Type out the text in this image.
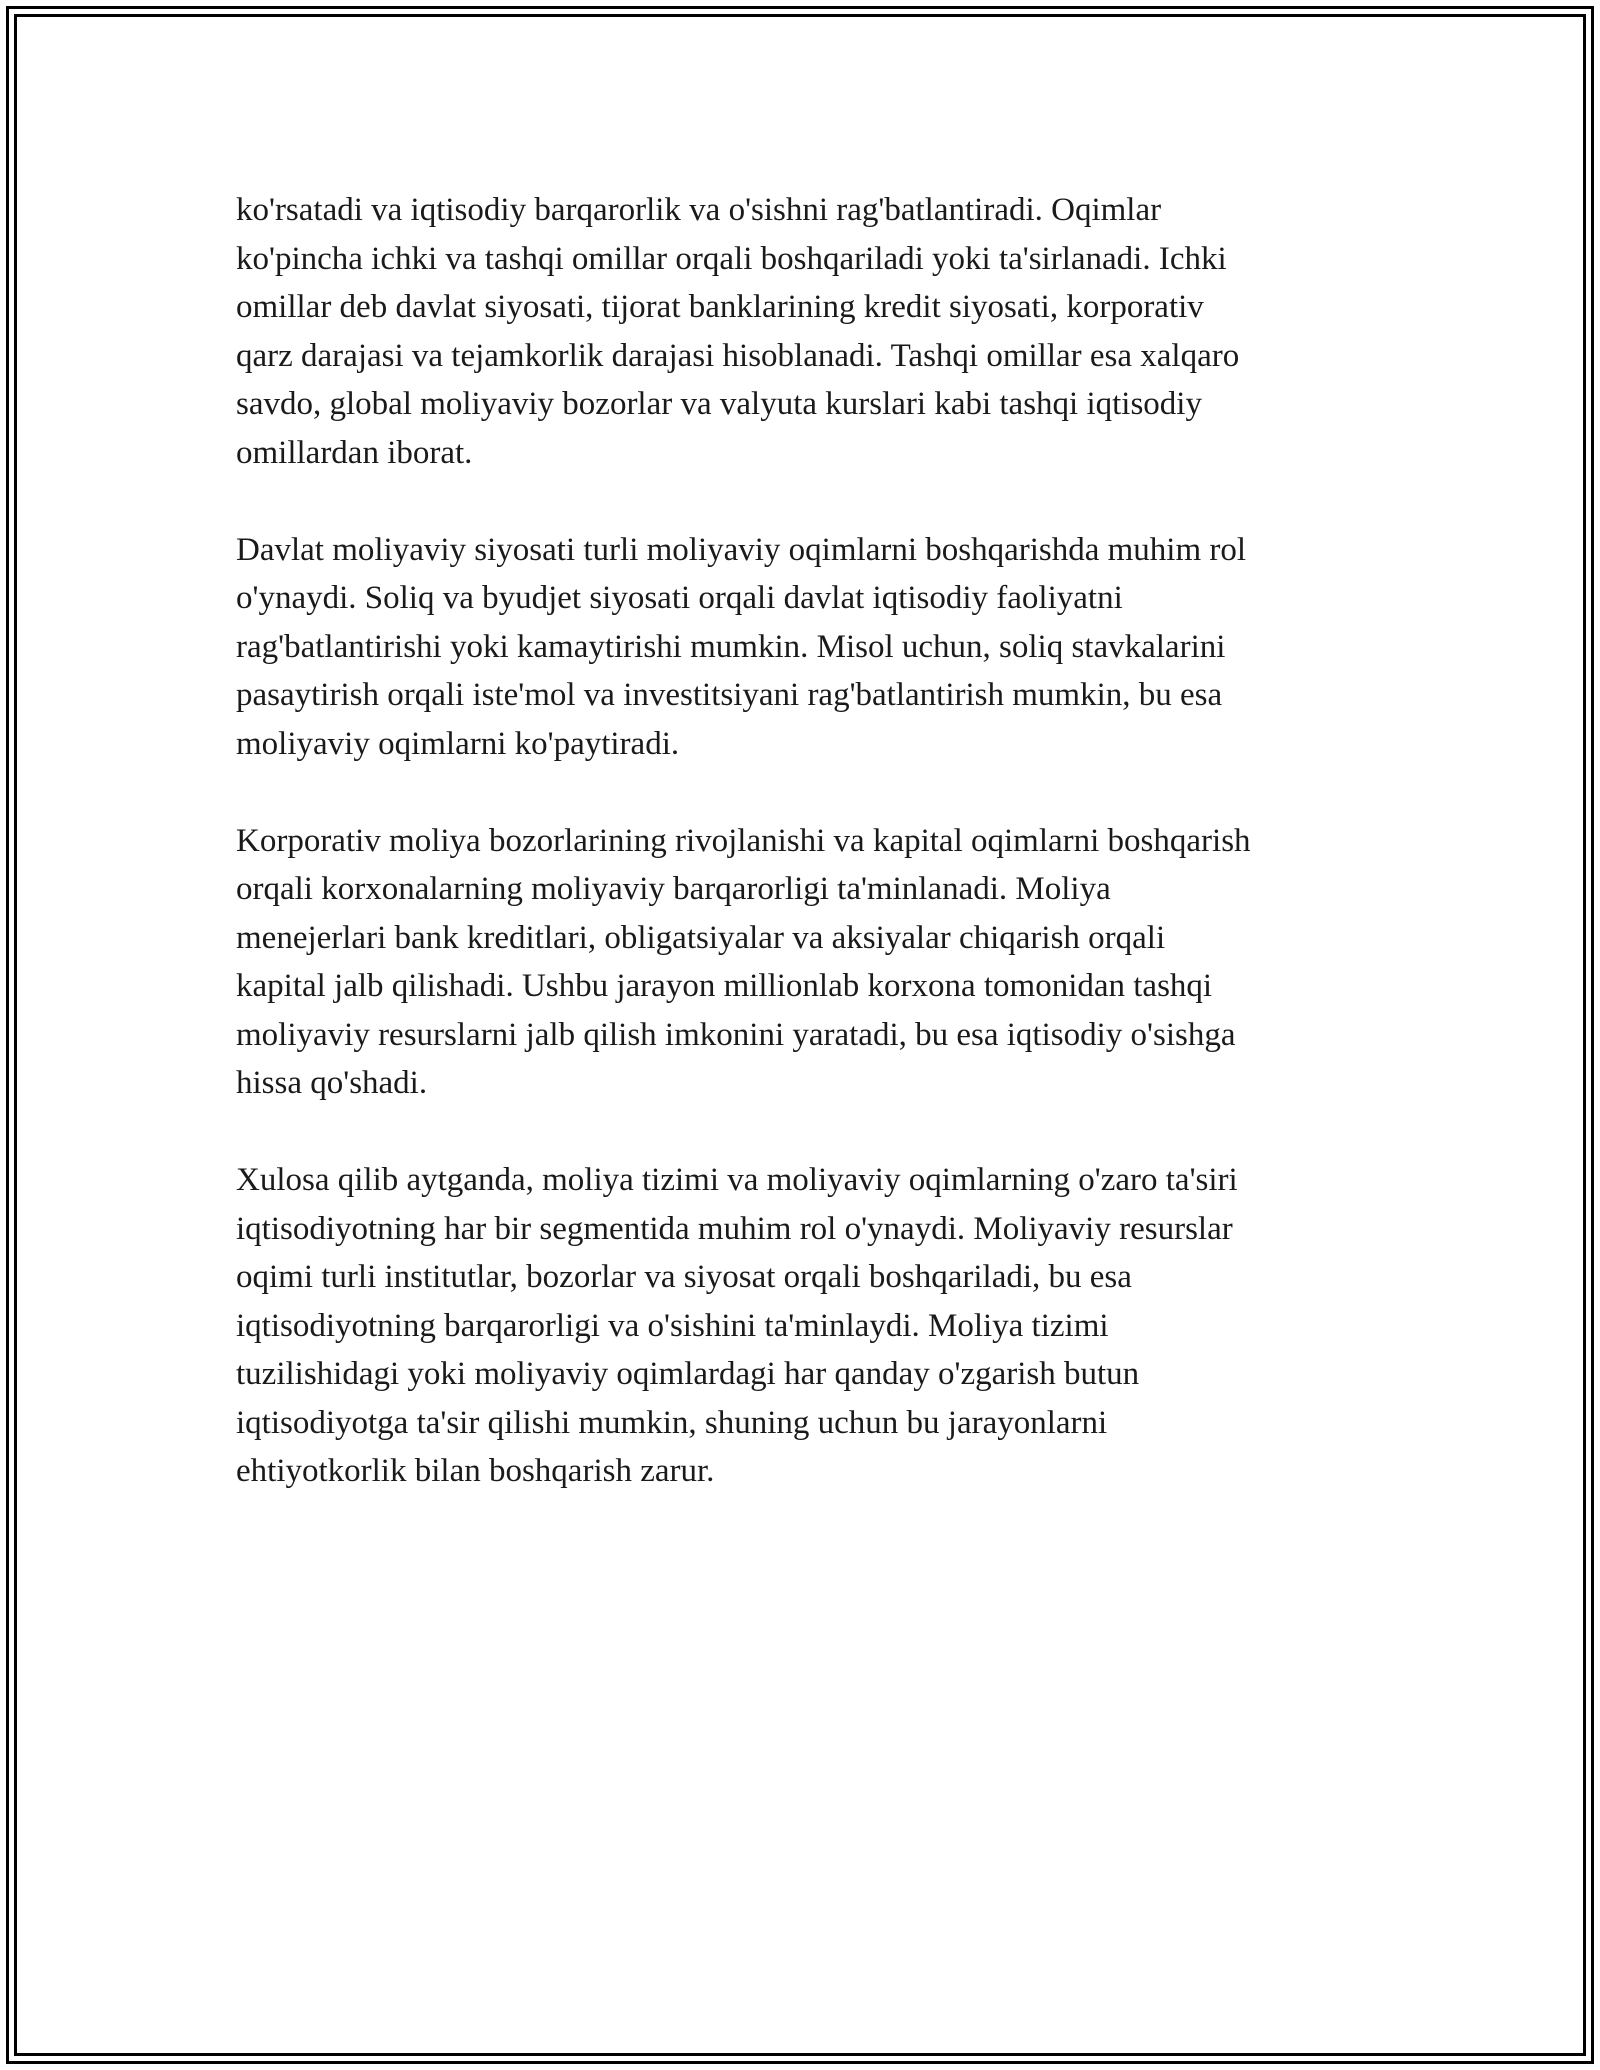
ko'rsatadi va iqtisodiy barqarorlik va o'sishni rag'batlantiradi. Oqimlar
ko'pincha ichki va tashqi omillar orqali boshqariladi yoki ta'sirlanadi. Ichki
omillar deb davlat siyosati, tijorat banklarining kredit siyosati, korporativ
qarz darajasi va tejamkorlik darajasi hisoblanadi. Tashqi omillar esa xalqaro
savdo, global moliyaviy bozorlar va valyuta kurslari kabi tashqi iqtisodiy
omillardan iborat.

Davlat moliyaviy siyosati turli moliyaviy oqimlarni boshqarishda muhim rol
o'ynaydi. Soliq va byudjet siyosati orqali davlat iqtisodiy faoliyatni
rag'batlantirishi yoki kamaytirishi mumkin. Misol uchun, soliq stavkalarini
pasaytirish orqali iste'mol va investitsiyani rag'batlantirish mumkin, bu esa
moliyaviy oqimlarni ko'paytiradi.

Korporativ moliya bozorlarining rivojlanishi va kapital oqimlarni boshqarish
orqali korxonalarning moliyaviy barqarorligi ta'minlanadi. Moliya
menejerlari bank kreditlari, obligatsiyalar va aksiyalar chiqarish orqali
kapital jalb qilishadi. Ushbu jarayon millionlab korxona tomonidan tashqi
moliyaviy resurslarni jalb qilish imkonini yaratadi, bu esa iqtisodiy o'sishga
hissa qo'shadi.

Xulosa qilib aytganda, moliya tizimi va moliyaviy oqimlarning o'zaro ta'siri
iqtisodiyotning har bir segmentida muhim rol o'ynaydi. Moliyaviy resurslar
oqimi turli institutlar, bozorlar va siyosat orqali boshqariladi, bu esa
iqtisodiyotning barqarorligi va o'sishini ta'minlaydi. Moliya tizimi
tuzilishidagi yoki moliyaviy oqimlardagi har qanday o'zgarish butun
iqtisodiyotga ta'sir qilishi mumkin, shuning uchun bu jarayonlarni
ehtiyotkorlik bilan boshqarish zarur.
